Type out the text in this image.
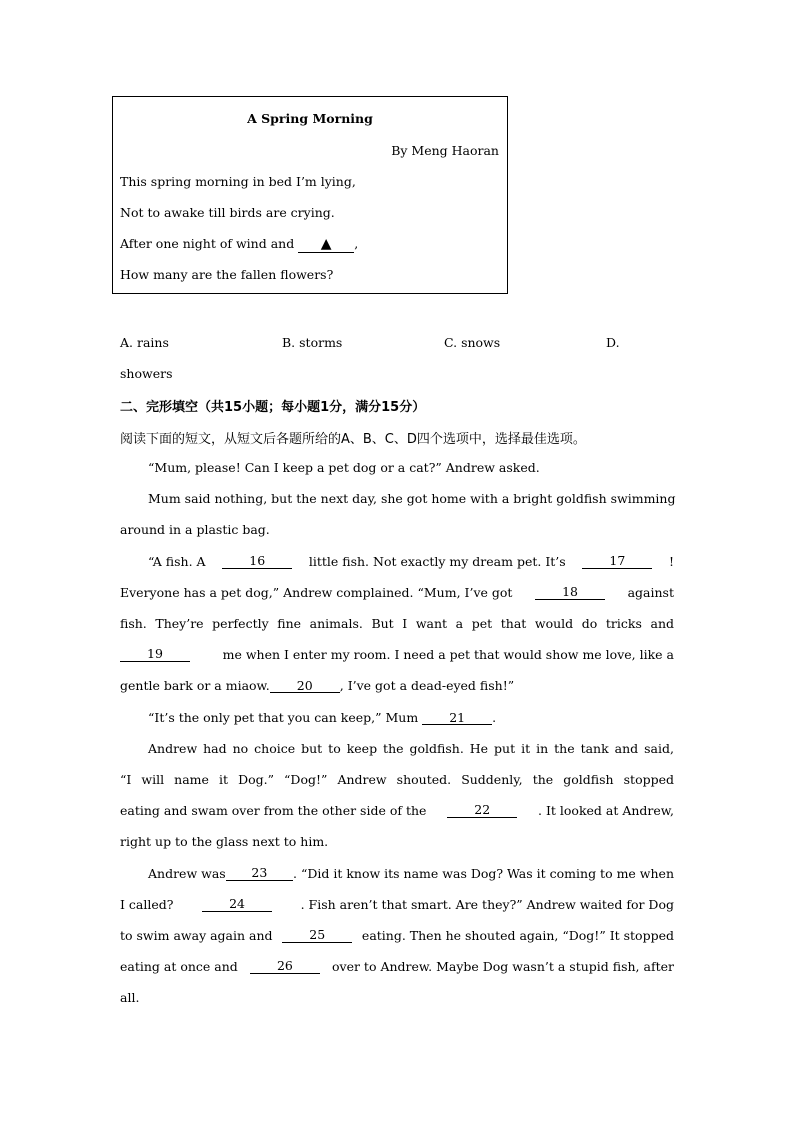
A Spring Morning
By Meng Haoran
This spring morning in bed I’m lying,
Not to awake till birds are crying.
After one night of wind and ▲ ,
How many are the fallen flowers?
A. rains	B. storms	C. snows	D.
showers
二、完形填空（共15小题；每小题1分，满分15分）
阅读下面的短文，从短文后各题所给的A、B、C、D四个选项中，选择最佳选项。
“Mum, please! Can I keep a pet dog or a cat?” Andrew asked.
Mum said nothing, but the next day, she got home with a bright goldfish swimming
around in a plastic bag.
“A fish. A	16	little fish. Not exactly my dream pet. It’s	17	!
Everyone has a pet dog,” Andrew complained. “Mum, I’ve got	18	against
fish. They’re perfectly fine animals. But I want a pet that would do tricks and
19	me when I enter my room. I need a pet that would show me love, like a
gentle bark or a miaow. 20 , I’ve got a dead-eyed fish!”
“It’s the only pet that you can keep,” Mum 21 .
Andrew had no choice but to keep the goldfish. He put it in the tank and said,
“I will name it Dog.” “Dog!” Andrew shouted. Suddenly, the goldfish stopped
eating and swam over from the other side of the	22	. It looked at Andrew,
right up to the glass next to him.
Andrew was	23	. “Did it know its name was Dog? Was it coming to me when
I called?	24	. Fish aren’t that smart. Are they?” Andrew waited for Dog
to swim away again and	25	eating. Then he shouted again, “Dog!” It stopped
eating at once and	26	over to Andrew. Maybe Dog wasn’t a stupid fish, after
all.
